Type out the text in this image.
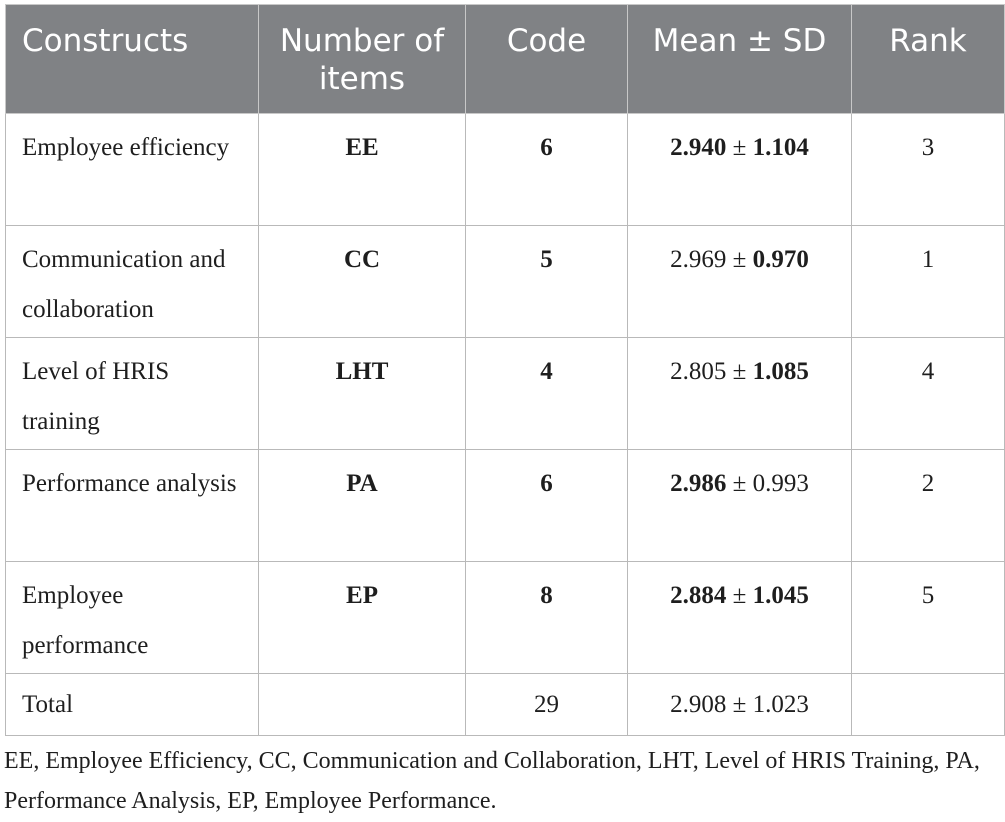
Constructs	Number of items	Code	Mean ± SD	Rank
Employee efficiency	EE	6	2.940 ± 1.104	3
Communication and collaboration	CC	5	2.969 ± 0.970	1
Level of HRIS training	LHT	4	2.805 ± 1.085	4
Performance analysis	PA	6	2.986 ± 0.993	2
Employee performance	EP	8	2.884 ± 1.045	5
Total		29	2.908 ± 1.023	
EE, Employee Efficiency, CC, Communication and Collaboration, LHT, Level of HRIS Training, PA, Performance Analysis, EP, Employee Performance.
